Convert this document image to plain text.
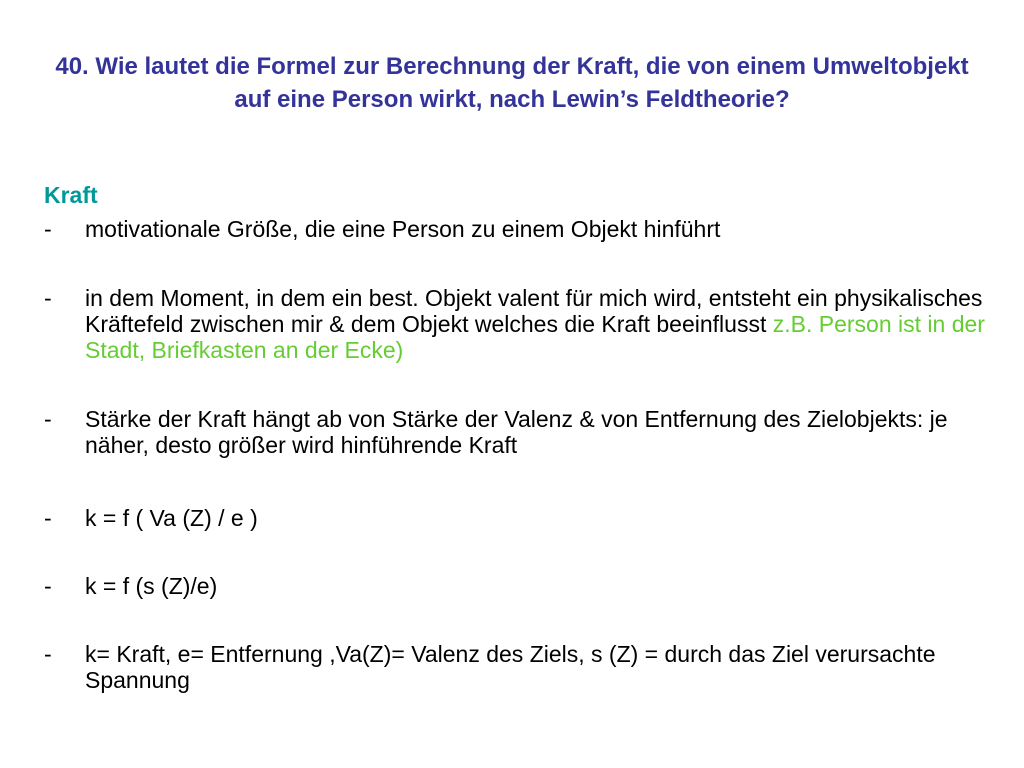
40. Wie lautet die Formel zur Berechnung der Kraft, die von einem Umweltobjekt auf eine Person wirkt, nach Lewin’s Feldtheorie?
Kraft
-	motivationale Größe, die eine Person zu einem Objekt hinführt
-	in dem Moment, in dem ein best. Objekt valent für mich wird, entsteht ein physikalisches Kräftefeld zwischen mir & dem Objekt welches die Kraft beeinflusst z.B. Person ist in der Stadt, Briefkasten an der Ecke)
-	Stärke der Kraft hängt ab von Stärke der Valenz & von Entfernung des Zielobjekts: je näher, desto größer wird hinführende Kraft
-	k = f ( Va (Z) / e )
-	k = f (s (Z)/e)
-	k= Kraft, e= Entfernung ,Va(Z)= Valenz des Ziels, s (Z) = durch das Ziel verursachte Spannung
